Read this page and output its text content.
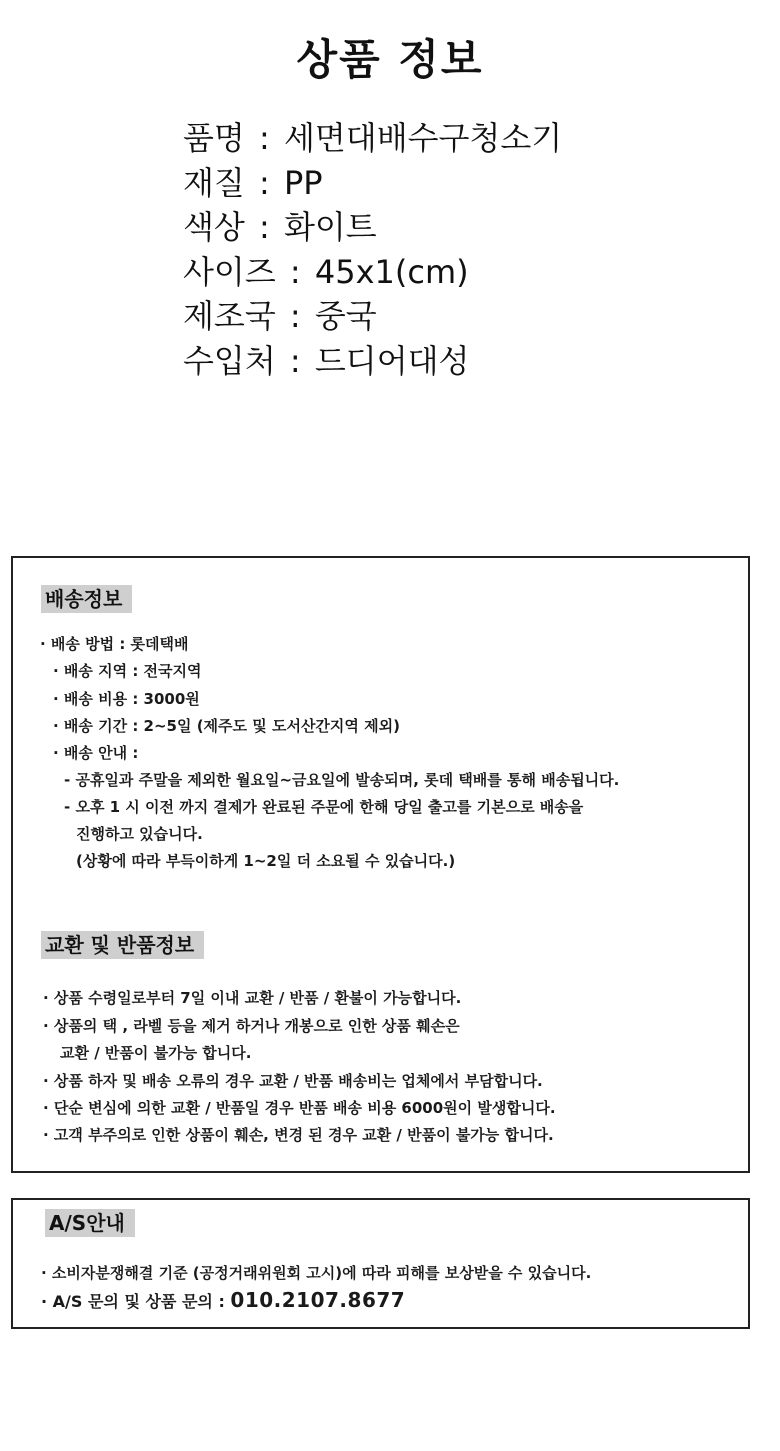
상품 정보
품명 : 세면대배수구청소기
재질 : PP
색상 : 화이트
사이즈 : 45x1(cm)
제조국 : 중국
수입처 : 드디어대성
배송정보
· 배송 방법 : 롯데택배
· 배송 지역 : 전국지역
· 배송 비용 : 3000원
· 배송 기간 : 2~5일 (제주도 및 도서산간지역 제외)
· 배송 안내 :
- 공휴일과 주말을 제외한 월요일~금요일에 발송되며, 롯데 택배를 통해 배송됩니다.
- 오후 1 시 이전 까지 결제가 완료된 주문에 한해 당일 출고를 기본으로 배송을
진행하고 있습니다.
(상황에 따라 부득이하게 1~2일 더 소요될 수 있습니다.)
교환 및 반품정보
· 상품 수령일로부터 7일 이내 교환 / 반품 / 환불이 가능합니다.
· 상품의 택 , 라벨 등을 제거 하거나 개봉으로 인한 상품 훼손은
교환 / 반품이 불가능 합니다.
· 상품 하자 및 배송 오류의 경우 교환 / 반품 배송비는 업체에서 부담합니다.
· 단순 변심에 의한 교환 / 반품일 경우 반품 배송 비용 6000원이 발생합니다.
· 고객 부주의로 인한 상품이 훼손, 변경 된 경우 교환 / 반품이 불가능 합니다.
A/S안내
· 소비자분쟁해결 기준 (공정거래위원회 고시)에 따라 피해를 보상받을 수 있습니다.
· A/S 문의 및 상품 문의 : 010.2107.8677
